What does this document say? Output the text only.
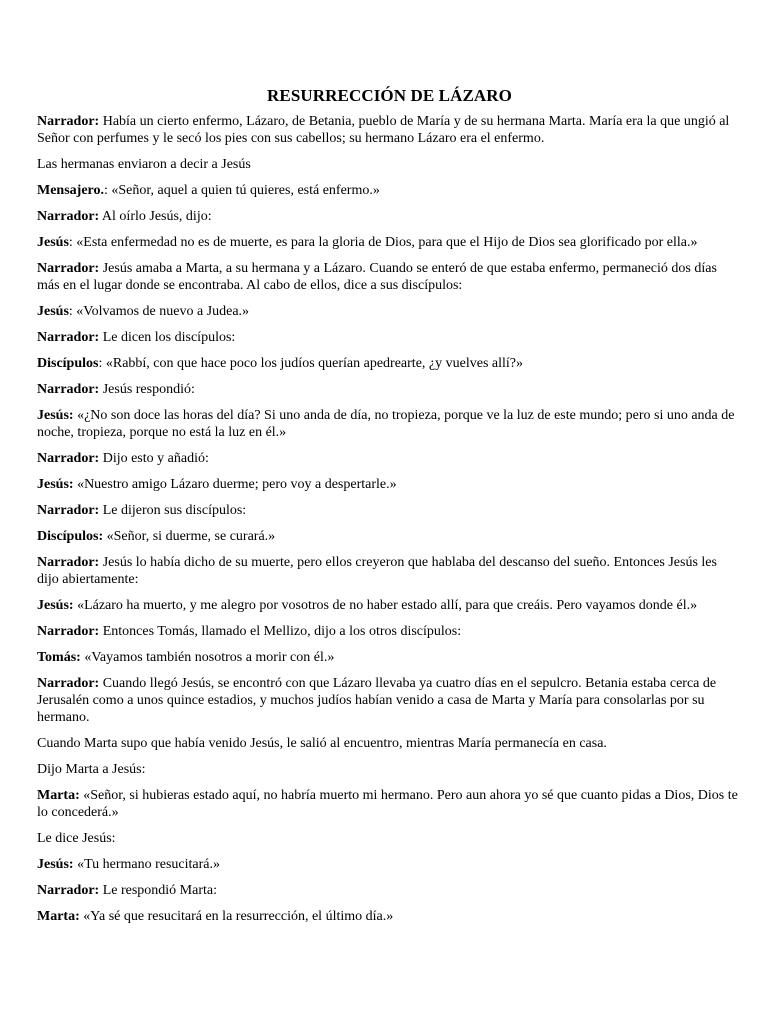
RESURRECCIÓN DE LÁZARO

Narrador: Había un cierto enfermo, Lázaro, de Betania, pueblo de María y de su hermana Marta. María era la que ungió al Señor con perfumes y le secó los pies con sus cabellos; su hermano Lázaro era el enfermo.

Las hermanas enviaron a decir a Jesús

Mensajero.: «Señor, aquel a quien tú quieres, está enfermo.»

Narrador: Al oírlo Jesús, dijo:

Jesús: «Esta enfermedad no es de muerte, es para la gloria de Dios, para que el Hijo de Dios sea glorificado por ella.»

Narrador: Jesús amaba a Marta, a su hermana y a Lázaro. Cuando se enteró de que estaba enfermo, permaneció dos días más en el lugar donde se encontraba. Al cabo de ellos, dice a sus discípulos:

Jesús: «Volvamos de nuevo a Judea.»

Narrador: Le dicen los discípulos:

Discípulos: «Rabbí, con que hace poco los judíos querían apedrearte, ¿y vuelves allí?»

Narrador: Jesús respondió:

Jesús: «¿No son doce las horas del día? Si uno anda de día, no tropieza, porque ve la luz de este mundo; pero si uno anda de noche, tropieza, porque no está la luz en él.»

Narrador: Dijo esto y añadió:

Jesús: «Nuestro amigo Lázaro duerme; pero voy a despertarle.»

Narrador: Le dijeron sus discípulos:

Discípulos: «Señor, si duerme, se curará.»

Narrador: Jesús lo había dicho de su muerte, pero ellos creyeron que hablaba del descanso del sueño. Entonces Jesús les dijo abiertamente:

Jesús: «Lázaro ha muerto, y me alegro por vosotros de no haber estado allí, para que creáis. Pero vayamos donde él.»

Narrador: Entonces Tomás, llamado el Mellizo, dijo a los otros discípulos:

Tomás: «Vayamos también nosotros a morir con él.»

Narrador: Cuando llegó Jesús, se encontró con que Lázaro llevaba ya cuatro días en el sepulcro. Betania estaba cerca de Jerusalén como a unos quince estadios, y muchos judíos habían venido a casa de Marta y María para consolarlas por su hermano.

Cuando Marta supo que había venido Jesús, le salió al encuentro, mientras María permanecía en casa.

Dijo Marta a Jesús:

Marta: «Señor, si hubieras estado aquí, no habría muerto mi hermano. Pero aun ahora yo sé que cuanto pidas a Dios, Dios te lo concederá.»

Le dice Jesús:

Jesús: «Tu hermano resucitará.»

Narrador: Le respondió Marta:

Marta: «Ya sé que resucitará en la resurrección, el último día.»
